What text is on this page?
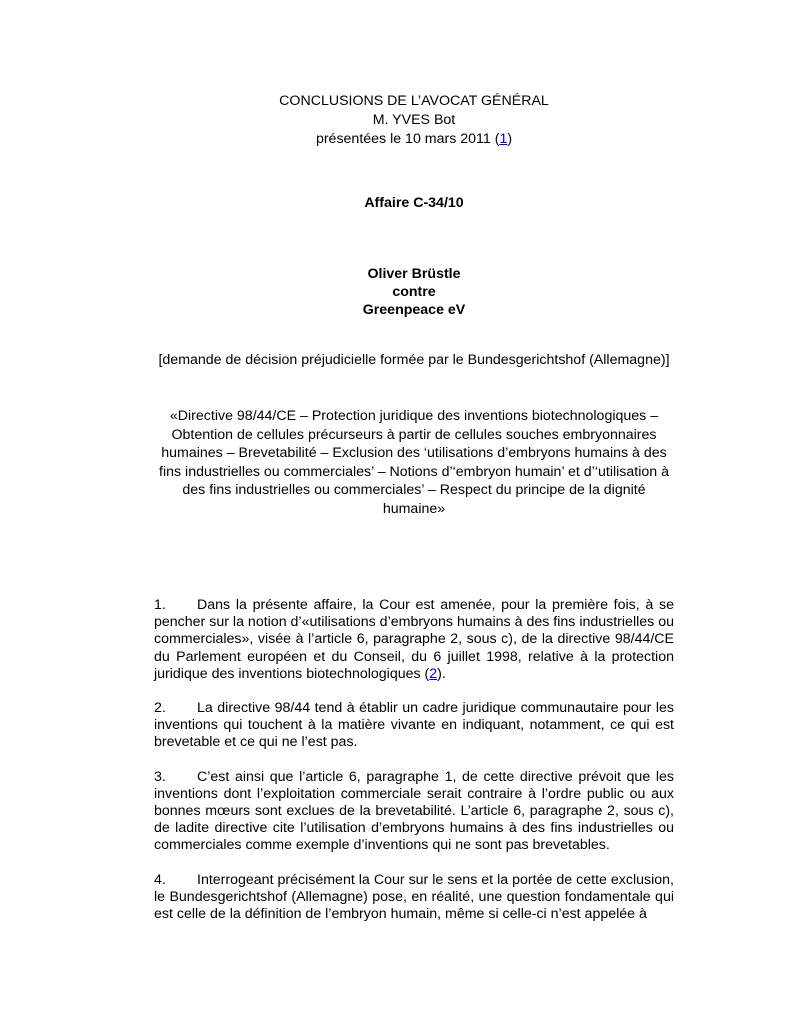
CONCLUSIONS DE L’AVOCAT GÉNÉRAL
M. YVES Bot
présentées le 10 mars 2011 (1)
Affaire C-34/10
Oliver Brüstle
contre
Greenpeace eV
[demande de décision préjudicielle formée par le Bundesgerichtshof (Allemagne)]
«Directive 98/44/CE – Protection juridique des inventions biotechnologiques – Obtention de cellules précurseurs à partir de cellules souches embryonnaires humaines – Brevetabilité – Exclusion des ‘utilisations d’embryons humains à des fins industrielles ou commerciales’ – Notions d’‘embryon humain’ et d’‘utilisation à des fins industrielles ou commerciales’ – Respect du principe de la dignité humaine»

1. Dans la présente affaire, la Cour est amenée, pour la première fois, à se pencher sur la notion d’«utilisations d’embryons humains à des fins industrielles ou commerciales», visée à l’article 6, paragraphe 2, sous c), de la directive 98/44/CE du Parlement européen et du Conseil, du 6 juillet 1998, relative à la protection juridique des inventions biotechnologiques (2).

2. La directive 98/44 tend à établir un cadre juridique communautaire pour les inventions qui touchent à la matière vivante en indiquant, notamment, ce qui est brevetable et ce qui ne l’est pas.

3. C’est ainsi que l’article 6, paragraphe 1, de cette directive prévoit que les inventions dont l’exploitation commerciale serait contraire à l’ordre public ou aux bonnes mœurs sont exclues de la brevetabilité. L’article 6, paragraphe 2, sous c), de ladite directive cite l’utilisation d’embryons humains à des fins industrielles ou commerciales comme exemple d’inventions qui ne sont pas brevetables.

4. Interrogeant précisément la Cour sur le sens et la portée de cette exclusion, le Bundesgerichtshof (Allemagne) pose, en réalité, une question fondamentale qui est celle de la définition de l’embryon humain, même si celle-ci n’est appelée à
